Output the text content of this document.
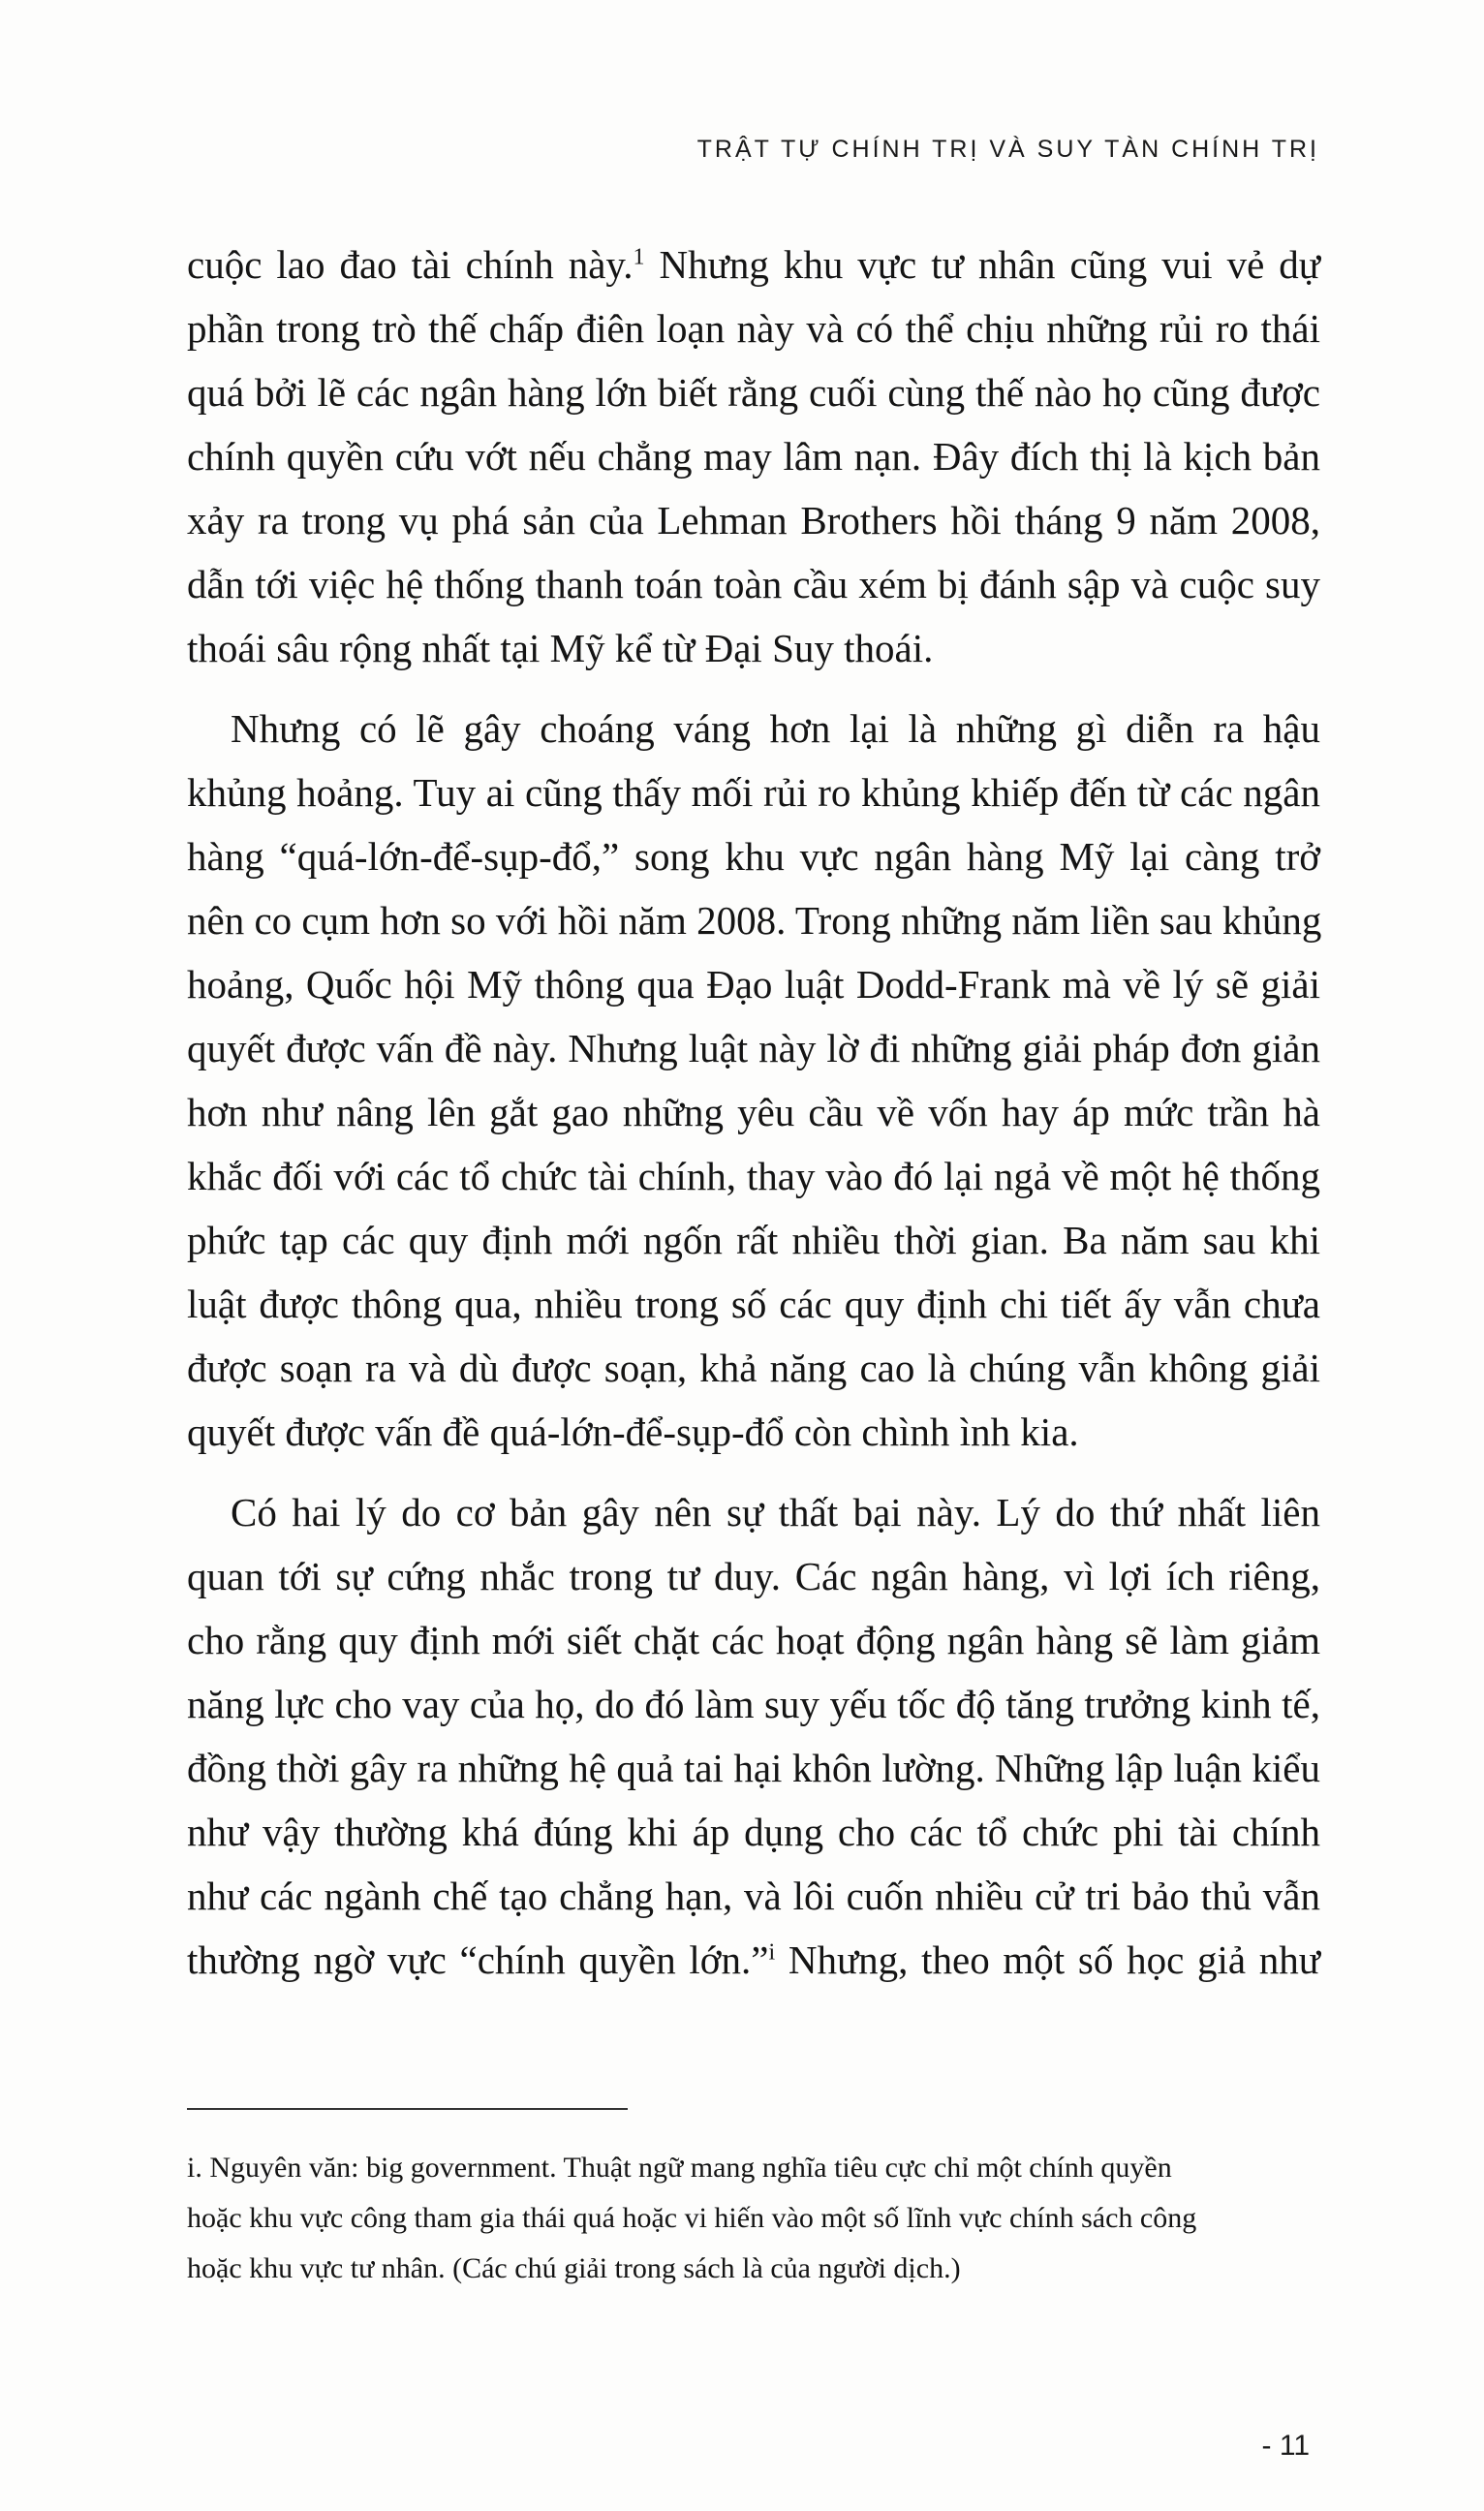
TRẬT TỰ CHÍNH TRỊ VÀ SUY TÀN CHÍNH TRỊ

cuộc lao đao tài chính này.$^1$ Nhưng khu vực tư nhân cũng vui vẻ dự
phần trong trò thế chấp điên loạn này và có thể chịu những rủi ro thái
quá bởi lẽ các ngân hàng lớn biết rằng cuối cùng thế nào họ cũng được
chính quyền cứu vớt nếu chẳng may lâm nạn. Đây đích thị là kịch bản
xảy ra trong vụ phá sản của Lehman Brothers hồi tháng 9 năm 2008,
dẫn tới việc hệ thống thanh toán toàn cầu xém bị đánh sập và cuộc suy
thoái sâu rộng nhất tại Mỹ kể từ Đại Suy thoái.

Nhưng có lẽ gây choáng váng hơn lại là những gì diễn ra hậu
khủng hoảng. Tuy ai cũng thấy mối rủi ro khủng khiếp đến từ các ngân
hàng “quá-lớn-để-sụp-đổ,” song khu vực ngân hàng Mỹ lại càng trở
nên co cụm hơn so với hồi năm 2008. Trong những năm liền sau khủng
hoảng, Quốc hội Mỹ thông qua Đạo luật Dodd-Frank mà về lý sẽ giải
quyết được vấn đề này. Nhưng luật này lờ đi những giải pháp đơn giản
hơn như nâng lên gắt gao những yêu cầu về vốn hay áp mức trần hà
khắc đối với các tổ chức tài chính, thay vào đó lại ngả về một hệ thống
phức tạp các quy định mới ngốn rất nhiều thời gian. Ba năm sau khi
luật được thông qua, nhiều trong số các quy định chi tiết ấy vẫn chưa
được soạn ra và dù được soạn, khả năng cao là chúng vẫn không giải
quyết được vấn đề quá-lớn-để-sụp-đổ còn chình ình kia.

Có hai lý do cơ bản gây nên sự thất bại này. Lý do thứ nhất liên
quan tới sự cứng nhắc trong tư duy. Các ngân hàng, vì lợi ích riêng,
cho rằng quy định mới siết chặt các hoạt động ngân hàng sẽ làm giảm
năng lực cho vay của họ, do đó làm suy yếu tốc độ tăng trưởng kinh tế,
đồng thời gây ra những hệ quả tai hại khôn lường. Những lập luận kiểu
như vậy thường khá đúng khi áp dụng cho các tổ chức phi tài chính
như các ngành chế tạo chẳng hạn, và lôi cuốn nhiều cử tri bảo thủ vẫn
thường ngờ vực “chính quyền lớn.”$^i$ Nhưng, theo một số học giả như

i. Nguyên văn: big government. Thuật ngữ mang nghĩa tiêu cực chỉ một chính quyền
hoặc khu vực công tham gia thái quá hoặc vi hiến vào một số lĩnh vực chính sách công
hoặc khu vực tư nhân. (Các chú giải trong sách là của người dịch.)

- 11
